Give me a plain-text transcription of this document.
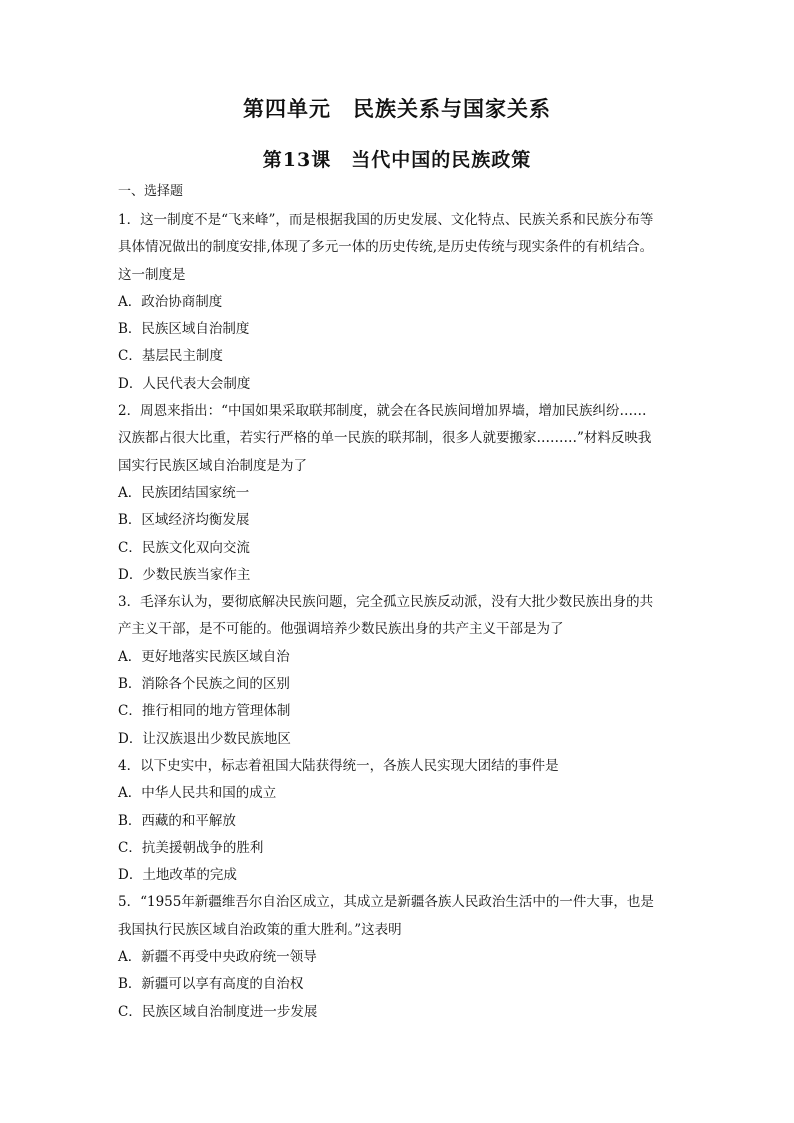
第四单元　民族关系与国家关系
第13课　当代中国的民族政策
一、选择题
1．这一制度不是“飞来峰”，而是根据我国的历史发展、文化特点、民族关系和民族分布等
具体情况做出的制度安排,体现了多元一体的历史传统,是历史传统与现实条件的有机结合。
这一制度是
A．政治协商制度
B．民族区域自治制度
C．基层民主制度
D．人民代表大会制度
2．周恩来指出：“中国如果采取联邦制度，就会在各民族间增加界墙，增加民族纠纷……
汉族都占很大比重，若实行严格的单一民族的联邦制，很多人就要搬家………”材料反映我
国实行民族区域自治制度是为了
A．民族团结国家统一
B．区域经济均衡发展
C．民族文化双向交流
D．少数民族当家作主
3．毛泽东认为，要彻底解决民族问题，完全孤立民族反动派，没有大批少数民族出身的共
产主义干部，是不可能的。他强调培养少数民族出身的共产主义干部是为了
A．更好地落实民族区域自治
B．消除各个民族之间的区别
C．推行相同的地方管理体制
D．让汉族退出少数民族地区
4．以下史实中，标志着祖国大陆获得统一，各族人民实现大团结的事件是
A．中华人民共和国的成立
B．西藏的和平解放
C．抗美援朝战争的胜利
D．土地改革的完成
5．“1955年新疆维吾尔自治区成立，其成立是新疆各族人民政治生活中的一件大事，也是
我国执行民族区域自治政策的重大胜利。”这表明
A．新疆不再受中央政府统一领导
B．新疆可以享有高度的自治权
C．民族区域自治制度进一步发展
